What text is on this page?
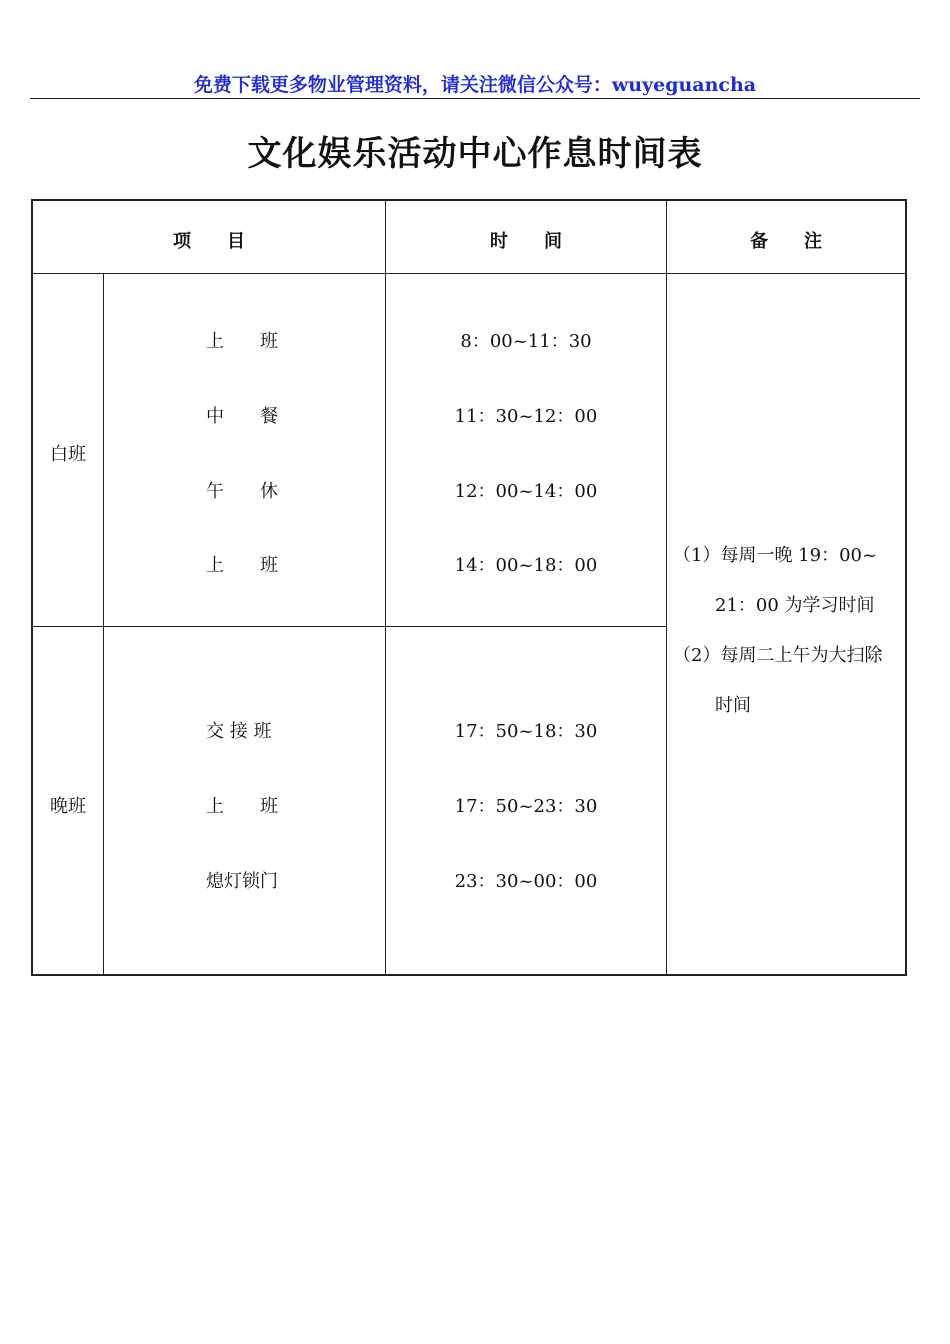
免费下载更多物业管理资料，请关注微信公众号：wuyeguancha
文化娱乐活动中心作息时间表
项　　目	时　　间	备　　注
白班
上　　班	8：00~11：30
中　　餐	11：30~12：00
午　　休	12：00~14：00
上　　班	14：00~18：00
晚班
交 接 班	17：50~18：30
上　　班	17：50~23：30
熄灯锁门	23：30~00：00
（1）每周一晚 19：00~
21：00 为学习时间
（2）每周二上午为大扫除
时间
